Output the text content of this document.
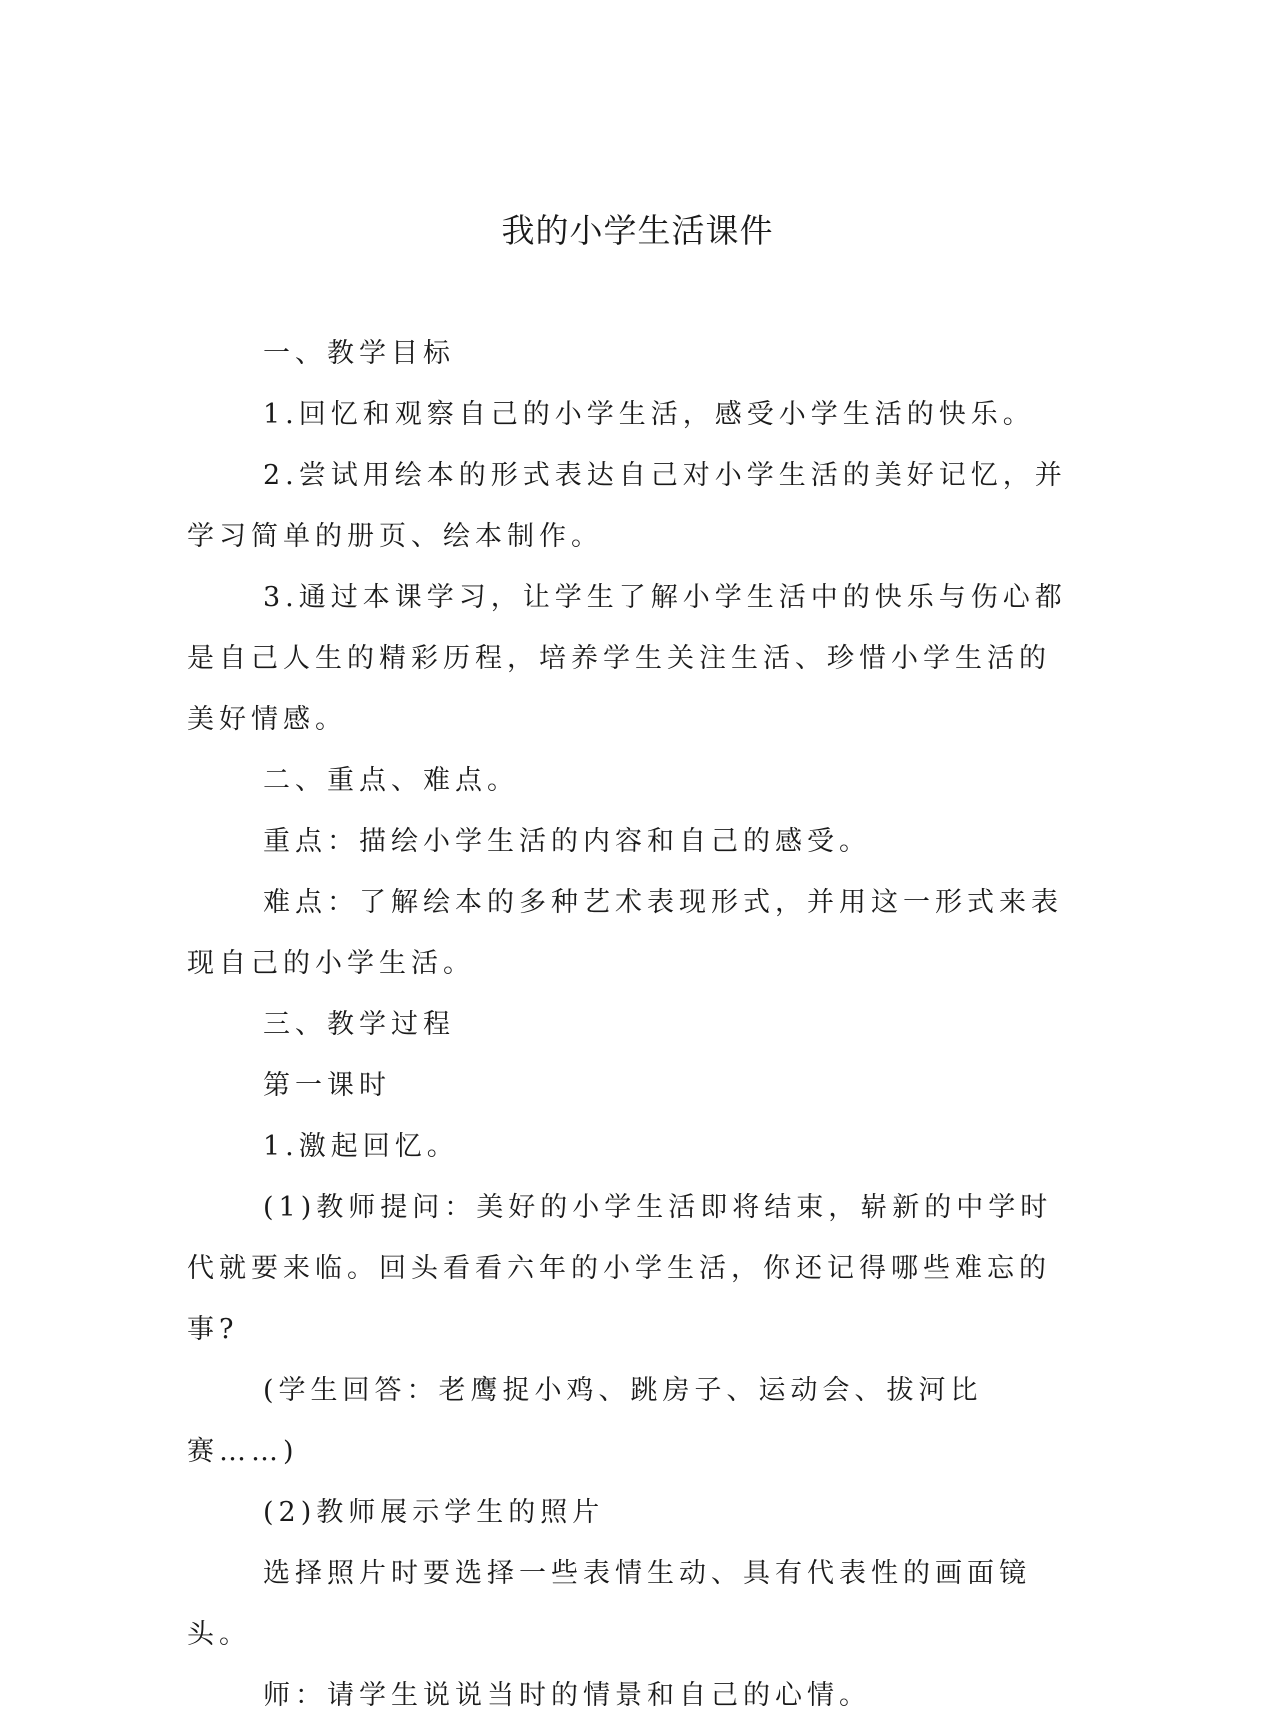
我的小学生活课件

一、教学目标

1.回忆和观察自己的小学生活，感受小学生活的快乐。

2.尝试用绘本的形式表达自己对小学生活的美好记忆，并学习简单的册页、绘本制作。

3.通过本课学习，让学生了解小学生活中的快乐与伤心都是自己人生的精彩历程，培养学生关注生活、珍惜小学生活的美好情感。

二、重点、难点。

重点：描绘小学生活的内容和自己的感受。

难点：了解绘本的多种艺术表现形式，并用这一形式来表现自己的小学生活。

三、教学过程

第一课时

1.激起回忆。

(1)教师提问：美好的小学生活即将结束，崭新的中学时代就要来临。回头看看六年的小学生活，你还记得哪些难忘的事?

(学生回答：老鹰捉小鸡、跳房子、运动会、拔河比赛……)

(2)教师展示学生的照片

选择照片时要选择一些表情生动、具有代表性的画面镜头。

师：请学生说说当时的情景和自己的心情。
